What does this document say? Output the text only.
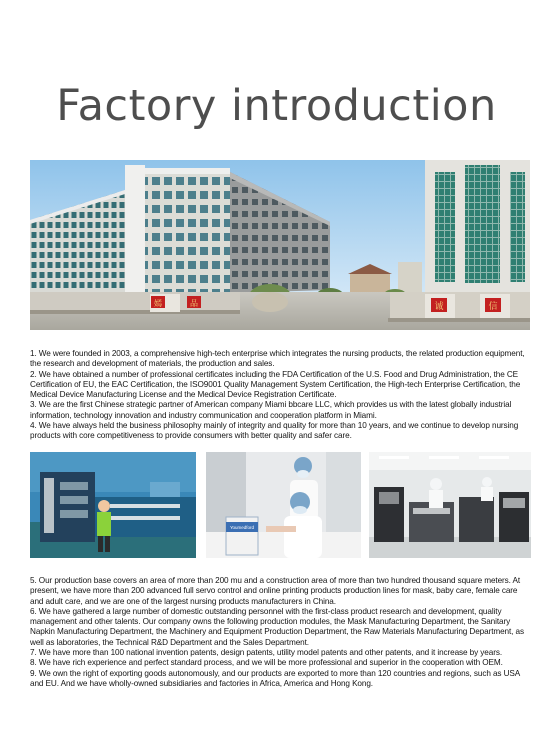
Factory introduction
嫣	品	诚	信

1. We were founded in 2003, a comprehensive high-tech enterprise which integrates the nursing products, the related production equipment, the research and development of materials, the production and sales.

2. We have obtained a number of professional certificates including the FDA Certification of the U.S. Food and Drug Administration, the CE Certification of EU, the EAC Certification, the ISO9001 Quality Management System Certification, the High-tech Enterprise Certification, the Medical Device Manufacturing License and the Medical Device Registration Certificate.

3. We are the first Chinese strategic partner of American company Miami bbcare LLC, which provides us with the latest globally industrial information, technology innovation and industry communication and cooperation platform in Miami.

4. We have always held the business philosophy mainly of integrity and quality for more than 10 years, and we continue to develop nursing products with core competitiveness to provide consumers with better quality and safer care.

Youmedford

5. Our production base covers an area of more than 200 mu and a construction area of more than two hundred thousand square meters. At present, we have more than 200 advanced full servo control and online printing products production lines for mask, baby care, female care and adult care, and we are one of the largest nursing products manufacturers in China.

6. We have gathered a large number of domestic outstanding personnel with the first-class product research and development, quality management and other talents. Our company owns the following production modules, the Mask Manufacturing Department, the Sanitary Napkin Manufacturing Department, the Machinery and Equipment Production Department, the Raw Materials Manufacturing Department, as well as laboratories, the Technical R&D Department and the Sales Department.

7. We have more than 100 national invention patents, design patents, utility model patents and other patents, and it increase by years.

8. We have rich experience and perfect standard process, and we will be more professional and superior in the cooperation with OEM.

9. We own the right of exporting goods autonomously, and our products are exported to more than 120 countries and regions, such as USA and EU. And we have wholly-owned subsidiaries and factories in Africa, America and Hong Kong.
